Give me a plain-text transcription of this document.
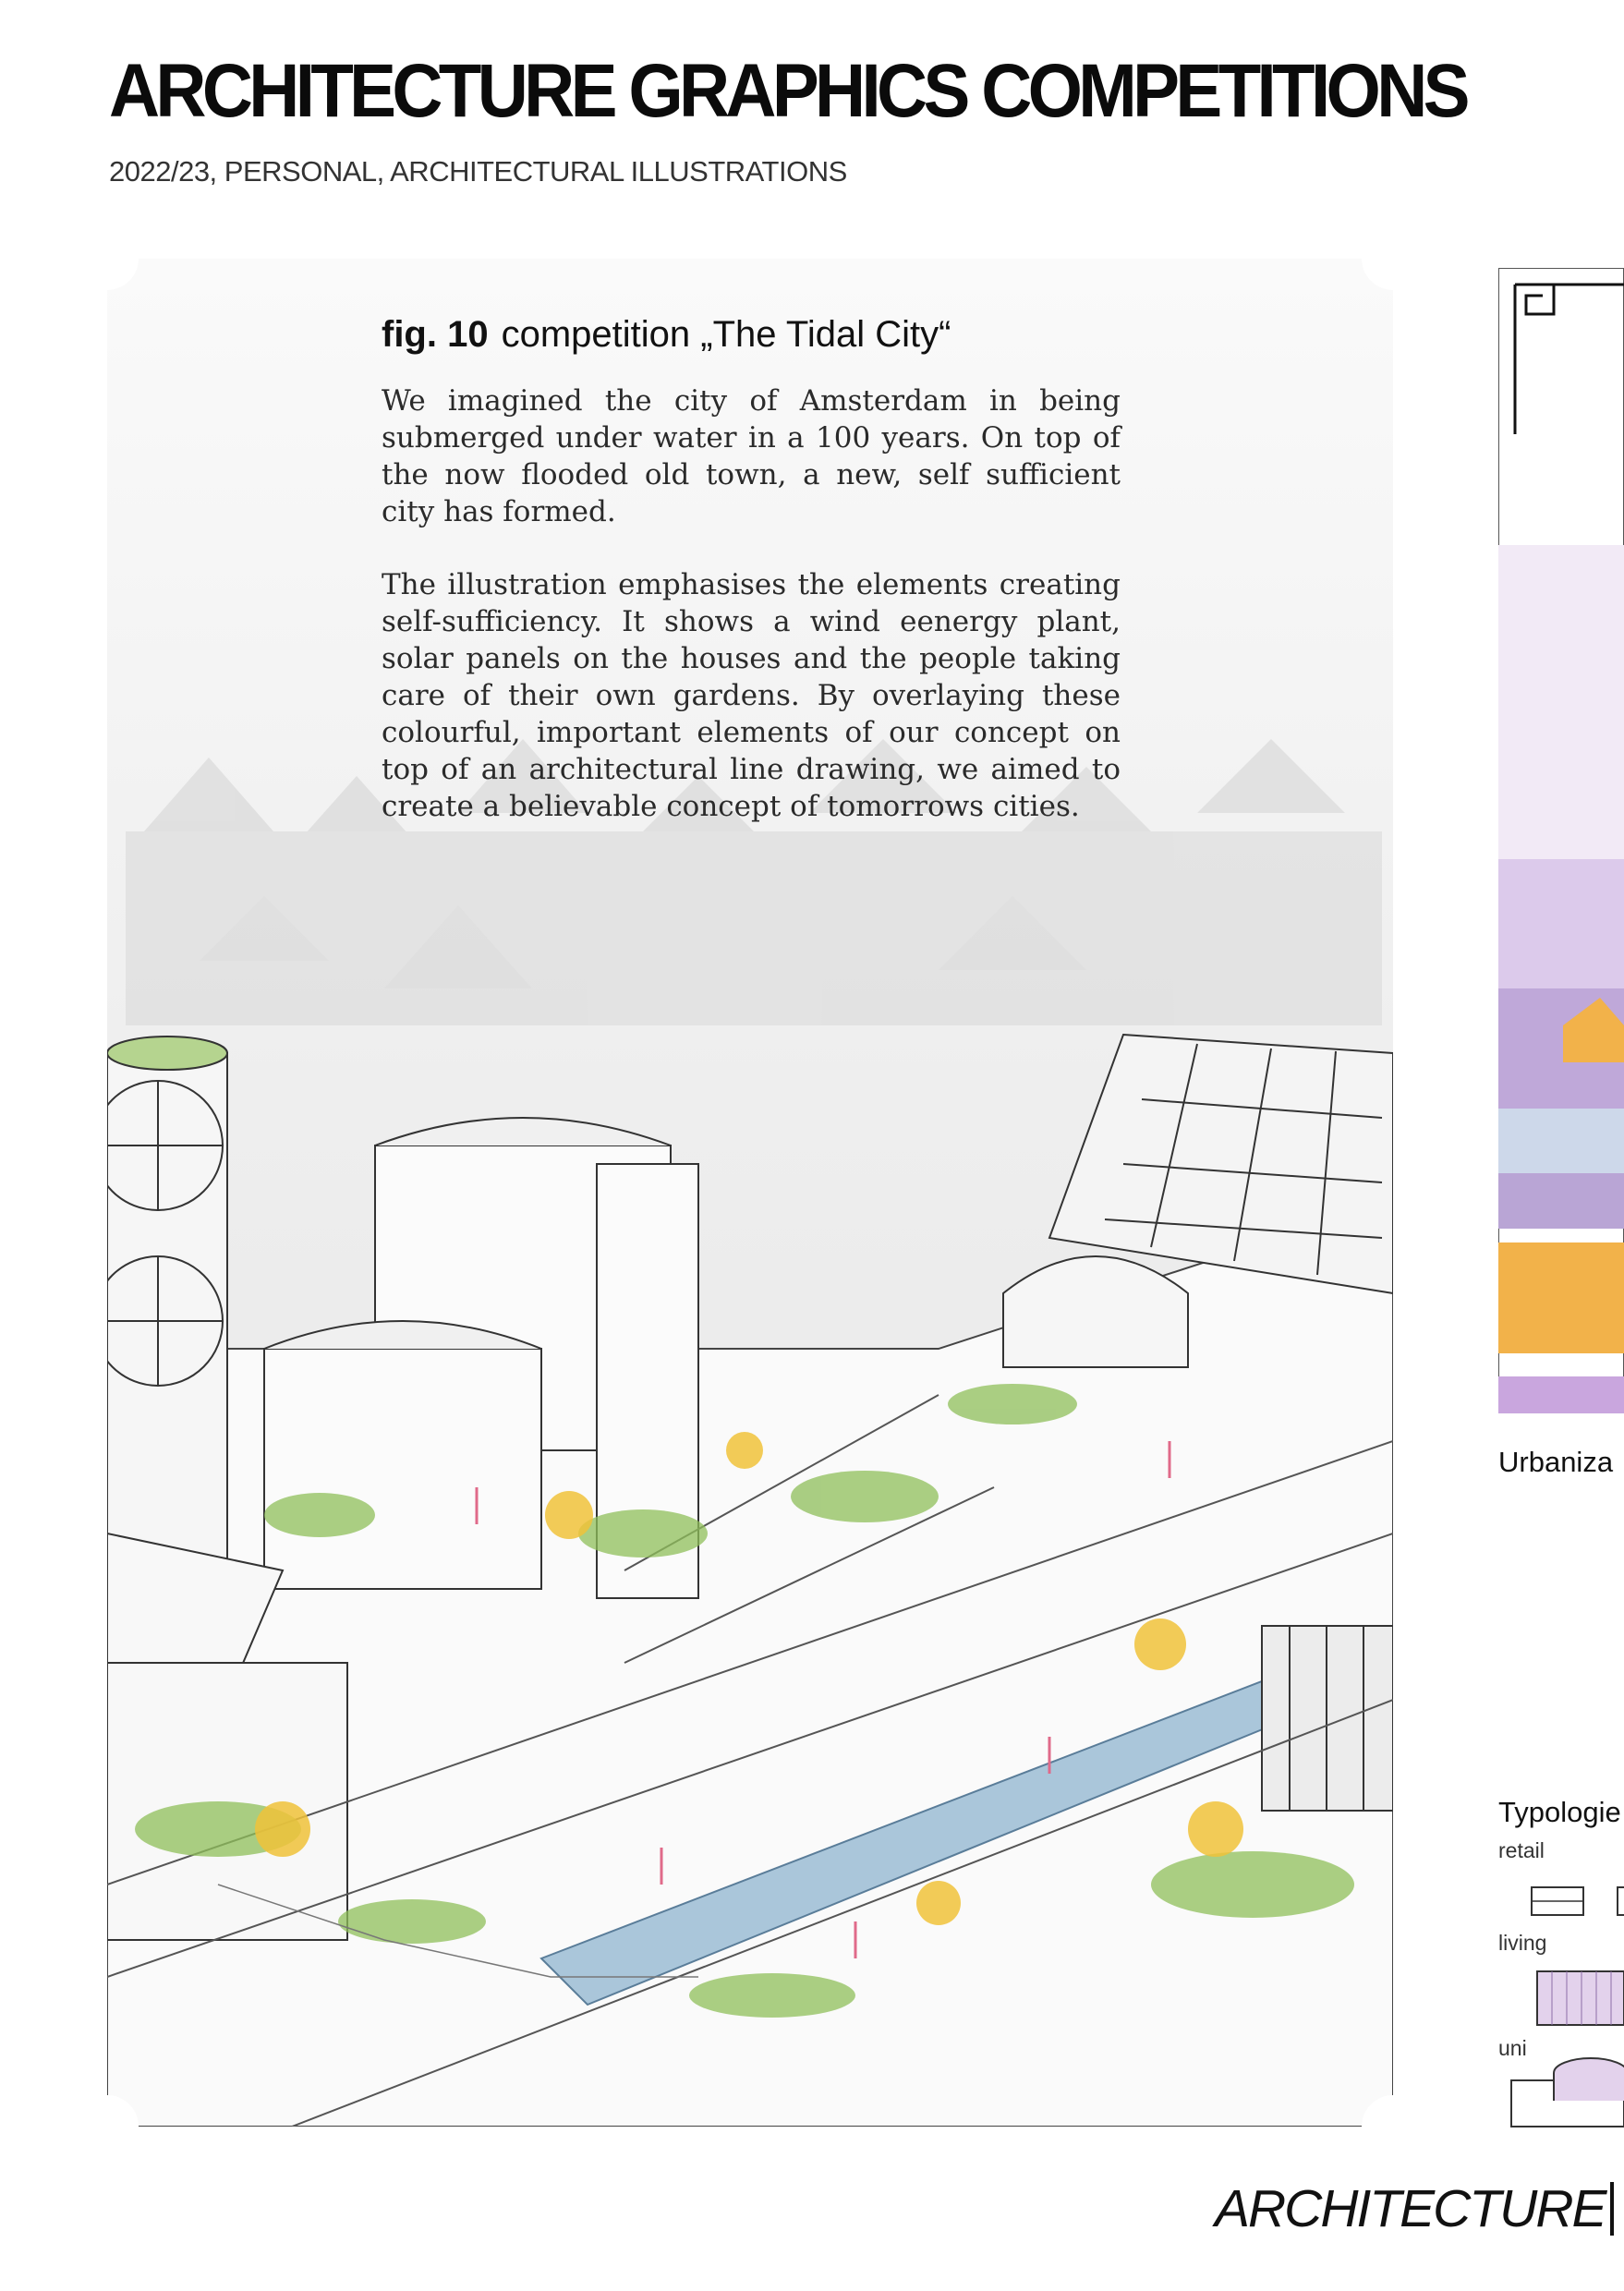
ARCHITECTURE GRAPHICS COMPETITIONS
2022/23, PERSONAL, ARCHITECTURAL ILLUSTRATIONS
fig. 10 competition „The Tidal City“

We imagined the city of Amsterdam in being submerged under water in a 100 years. On top of the now flooded old town, a new, self sufficient city has formed.

The illustration emphasises the elements creating self-sufficiency. It shows a wind eenergy plant, solar panels on the houses and the people taking care of their own gardens. By overlaying these colourful, important elements of our concept on top of an architectural line drawing, we aimed to create a believable concept of tomorrows cities.

Urbaniza
Typologie
retail
living
uni
ARCHITECTURE
